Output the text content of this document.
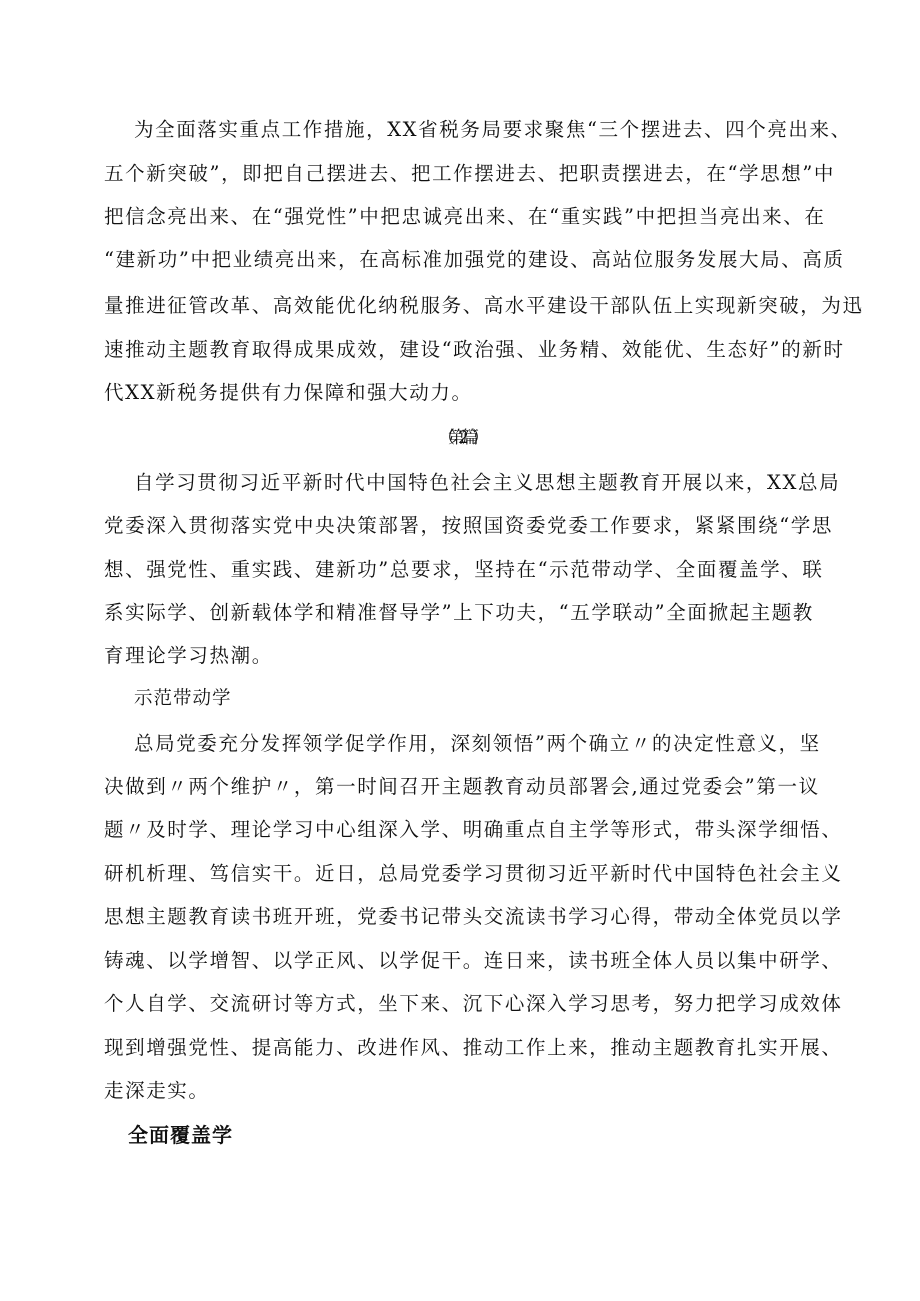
为全面落实重点工作措施，XX省税务局要求聚焦“三个摆进去、四个亮出来、
五个新突破”，即把自己摆进去、把工作摆进去、把职责摆进去，在“学思想”中
把信念亮出来、在“强党性”中把忠诚亮出来、在“重实践”中把担当亮出来、在
“建新功”中把业绩亮出来，在高标准加强党的建设、高站位服务发展大局、高质
量推进征管改革、高效能优化纳税服务、高水平建设干部队伍上实现新突破，为迅
速推动主题教育取得成果成效，建设“政治强、业务精、效能优、生态好”的新时
代XX新税务提供有力保障和强大动力。
（第2篇）
自学习贯彻习近平新时代中国特色社会主义思想主题教育开展以来，XX总局
党委深入贯彻落实党中央决策部署，按照国资委党委工作要求，紧紧围绕“学思
想、强党性、重实践、建新功”总要求，坚持在“示范带动学、全面覆盖学、联
系实际学、创新载体学和精准督导学”上下功夫，“五学联动”全面掀起主题教
育理论学习热潮。
示范带动学
总局党委充分发挥领学促学作用，深刻领悟”两个确立〃的决定性意义，坚
决做到〃两个维护〃，第一时间召开主题教育动员部署会,通过党委会”第一议
题〃及时学、理论学习中心组深入学、明确重点自主学等形式，带头深学细悟、
研机析理、笃信实干。近日，总局党委学习贯彻习近平新时代中国特色社会主义
思想主题教育读书班开班，党委书记带头交流读书学习心得，带动全体党员以学
铸魂、以学增智、以学正风、以学促干。连日来，读书班全体人员以集中研学、
个人自学、交流研讨等方式，坐下来、沉下心深入学习思考，努力把学习成效体
现到增强党性、提高能力、改进作风、推动工作上来，推动主题教育扎实开展、
走深走实。
全面覆盖学
